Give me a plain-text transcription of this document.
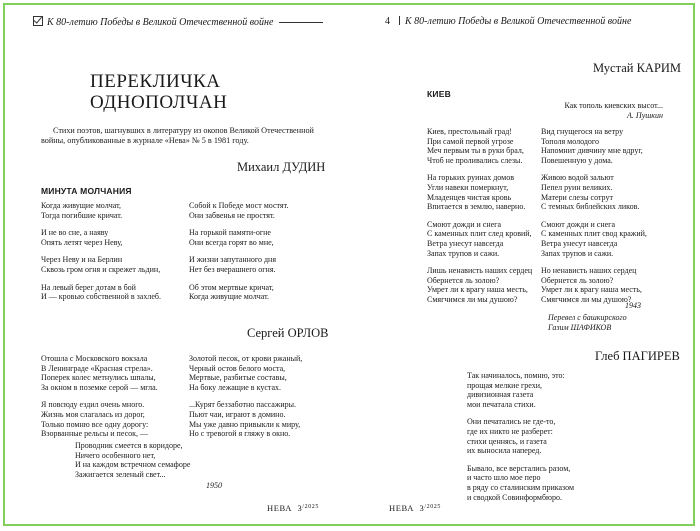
К 80-летию Победы в Великой Отечественной войне
ПЕРЕКЛИЧКА
ОДНОПОЛЧАН
Стихи поэтов, шагнувших в литературу из окопов Великой Отечественной войны, опубликованные в журнале «Нева» № 5 в 1981 году.
Михаил ДУДИН
МИНУТА МОЛЧАНИЯ
Когда живущие молчат,
Тогда погибшие кричат.
И не во сне, а наяву
Опять летят через Неву,
Через Неву и на Берлин
Сквозь гром огня и скрежет льдин,
На левый берег дотам в бой
И — кровью собственной в захлеб.
Собой к Победе мост мостят.
Они забвенья не простят.
На горькой памяти-огне
Они всегда горят во мне,
И жизни запутанного дня
Нет без вчерашнего огня.
Об этом мертвые кричат,
Когда живущие молчат.
Сергей ОРЛОВ
Отошла с Московского вокзала
В Ленинграде «Красная стрела».
Поперек колес метнулись шпалы,
За окном в поземке серой — мгла.
Я повсюду ездил очень много.
Жизнь моя слагалась из дорог,
Только помню все одну дорогу:
Взорванные рельсы и песок, —
Золотой песок, от крови ржаный,
Черный остов белого моста,
Мертвые, разбитые составы,
На боку лежащие в кустах.
...Курят беззаботно пассажиры.
Пьют чаи, играют в домино.
Мы уже давно привыкли к миру,
Но с тревогой я гляжу в окно.
Проводник смеется в коридоре,
Ничего особенного нет,
И на каждом встречном семафоре
Зажигается зеленый свет...
1950
НЕВА $3^{/2025}$
4 К 80-летию Победы в Великой Отечественной войне
Мустай КАРИМ
КИЕВ
Как тополь киевских высот...
А. Пушкин
Киев, престольный град!
При самой первой угрозе
Меч первым ты в руки брал,
Чтоб не проливались слезы.
На горьких руинах домов
Угли навеки померкнут,
Младенцев чистая кровь
Впитается в землю, наверно.
Смоют дожди и снега
С каменных плит след кровий,
Ветра унесут навсегда
Запах трупов и сажи.
Лишь ненависть наших сердец
Обернется ль золою?
Умрет ли к врагу наша месть,
Смягчимся ли мы душою?
Вид гнущегося на ветру
Тополя молодого
Напомнит дивчину мне вдруг,
Повешенную у дома.
Живою водой зальют
Пепел руин великих.
Матери слезы сотрут
С темных библейских ликов.
Смоют дожди и снега
С каменных плит свод кражий,
Ветра унесут навсегда
Запах трупов и сажи.
Но ненависть наших сердец
Обернется ль золою?
Умрет ли к врагу наша месть,
Смягчимся ли мы душою?
1943
Перевел с башкирского
Газим ШАФИКОВ
Глеб ПАГИРЕВ
Так начиналось, помню, это:
прощая мелкие грехи,
дивизионная газета
мои печатала стихи.
Они печатались не где-то,
где их никто не разберет:
стихи ценнясь, и газета
их выносила наперед.
Бывало, все верстались разом,
и часто шло мое перо
в ряду со сталинским приказом
и сводкой Совинформбюро.
НЕВА $3^{/2025}$
